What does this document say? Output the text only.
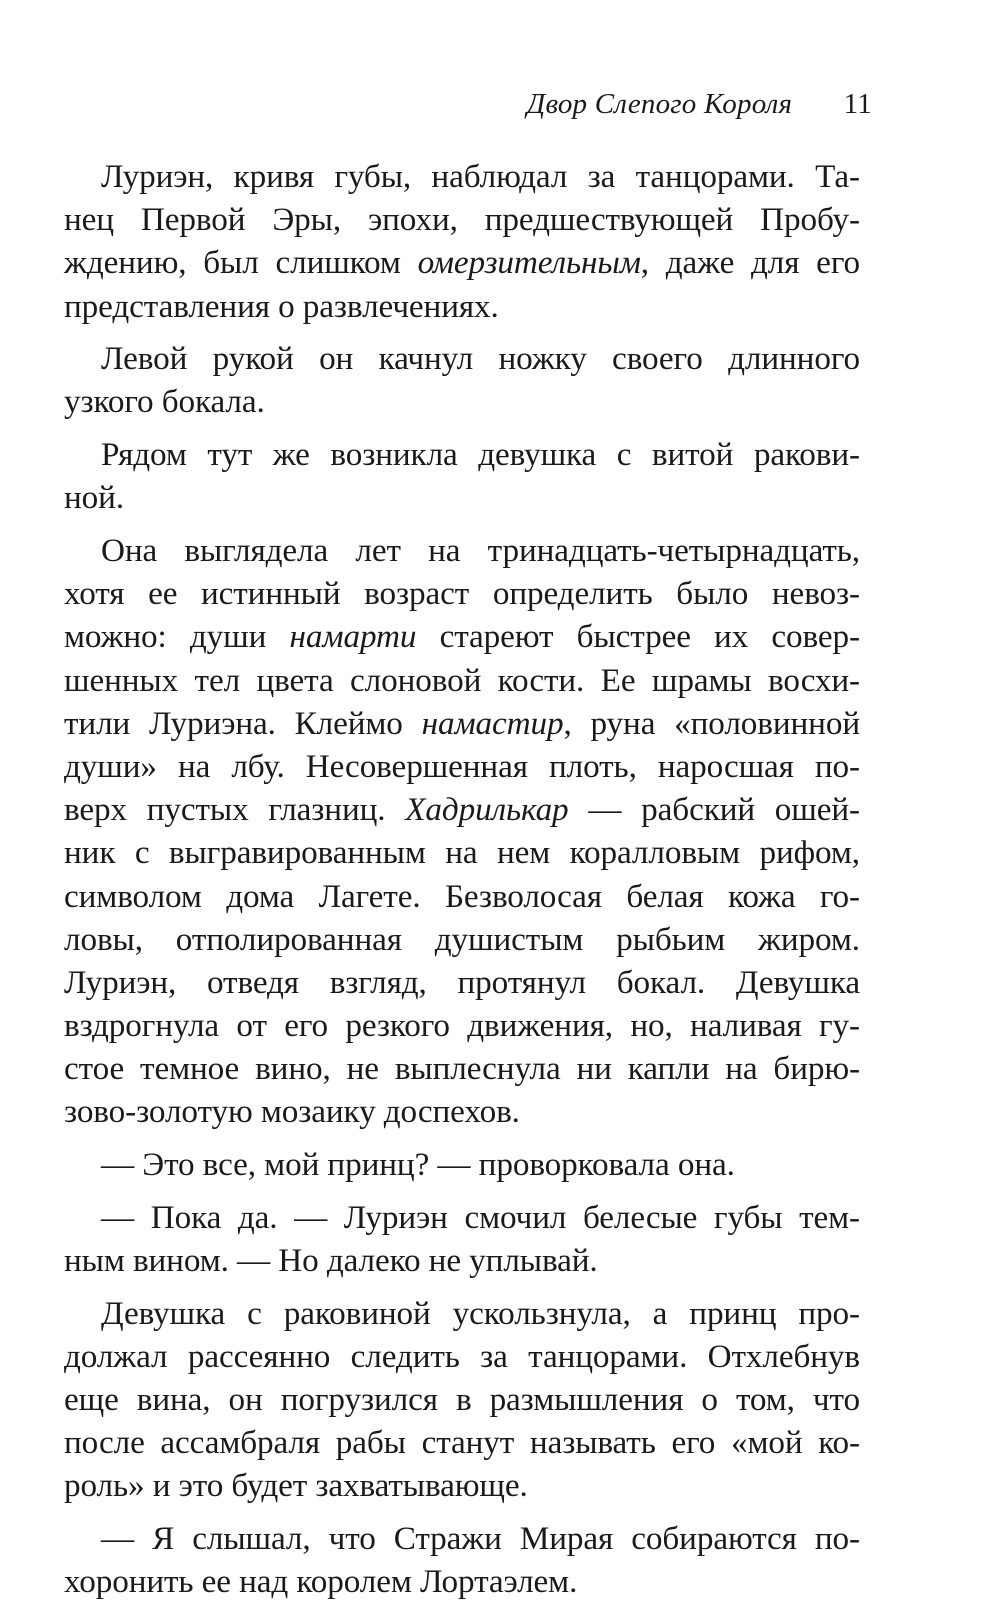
Двор Слепого Короля 11
Луриэн, кривя губы, наблюдал за танцорами. Та-
нец Первой Эры, эпохи, предшествующей Пробу-
ждению, был слишком омерзительным, даже для его
представления о развлечениях.
Левой рукой он качнул ножку своего длинного
узкого бокала.
Рядом тут же возникла девушка с витой ракови-
ной.
Она выглядела лет на тринадцать-четырнадцать,
хотя ее истинный возраст определить было невоз-
можно: души намарти стареют быстрее их совер-
шенных тел цвета слоновой кости. Ее шрамы восхи-
тили Луриэна. Клеймо намастир, руна «половинной
души» на лбу. Несовершенная плоть, наросшая по-
верх пустых глазниц. Хадрилькар — рабский ошей-
ник с выгравированным на нем коралловым рифом,
символом дома Лагете. Безволосая белая кожа го-
ловы, отполированная душистым рыбьим жиром.
Луриэн, отведя взгляд, протянул бокал. Девушка
вздрогнула от его резкого движения, но, наливая гу-
стое темное вино, не выплеснула ни капли на бирю-
зово-золотую мозаику доспехов.
— Это все, мой принц? — проворковала она.
— Пока да. — Луриэн смочил белесые губы тем-
ным вином. — Но далеко не уплывай.
Девушка с раковиной ускользнула, а принц про-
должал рассеянно следить за танцорами. Отхлебнув
еще вина, он погрузился в размышления о том, что
после ассамбраля рабы станут называть его «мой ко-
роль» и это будет захватывающе.
— Я слышал, что Стражи Мирая собираются по-
хоронить ее над королем Лортаэлем.
